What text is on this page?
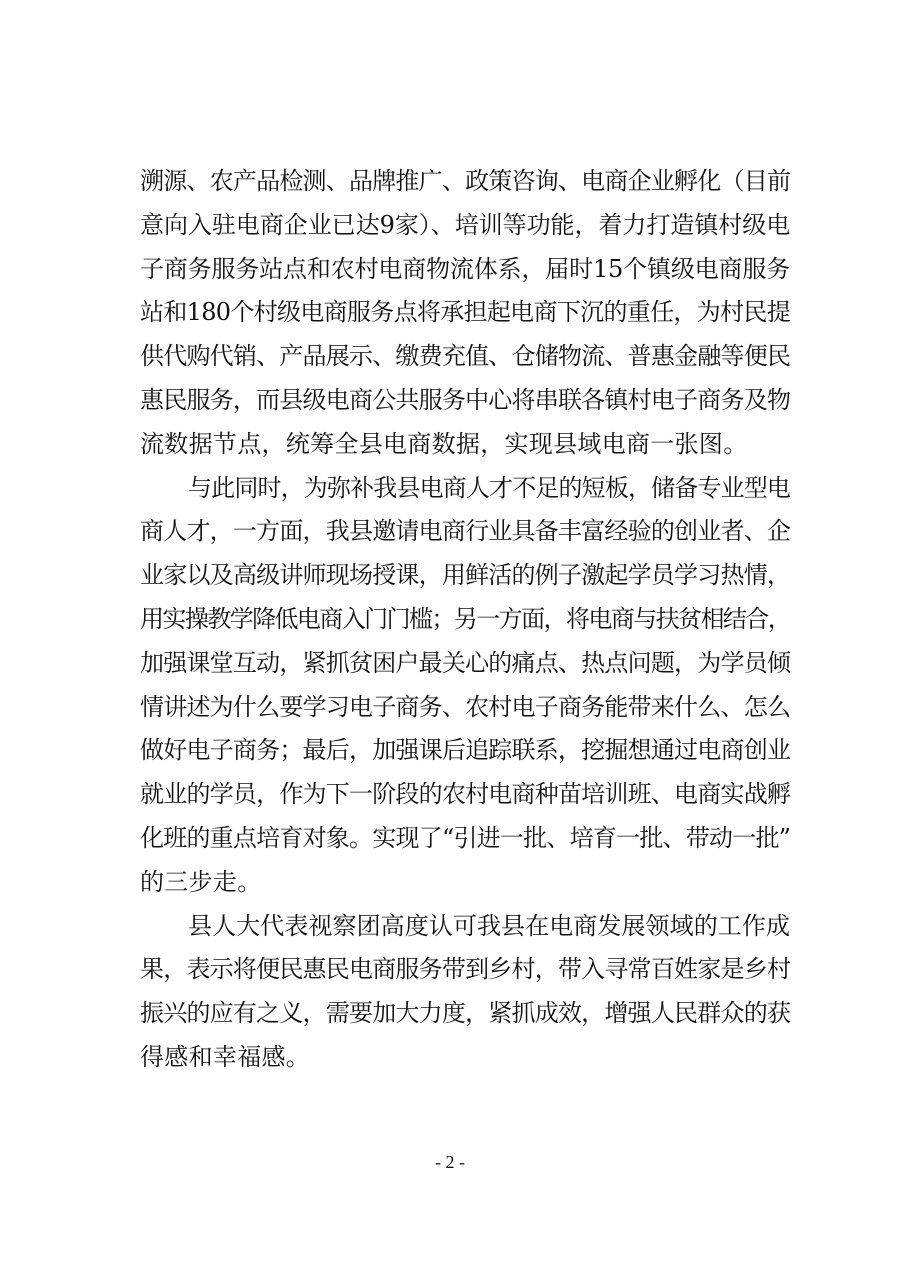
溯源、农产品检测、品牌推广、政策咨询、电商企业孵化（目前
意向入驻电商企业已达9家）、培训等功能，着力打造镇村级电
子商务服务站点和农村电商物流体系，届时15个镇级电商服务
站和180个村级电商服务点将承担起电商下沉的重任，为村民提
供代购代销、产品展示、缴费充值、仓储物流、普惠金融等便民
惠民服务，而县级电商公共服务中心将串联各镇村电子商务及物
流数据节点，统筹全县电商数据，实现县域电商一张图。
与此同时，为弥补我县电商人才不足的短板，储备专业型电
商人才，一方面，我县邀请电商行业具备丰富经验的创业者、企
业家以及高级讲师现场授课，用鲜活的例子激起学员学习热情，
用实操教学降低电商入门门槛；另一方面，将电商与扶贫相结合，
加强课堂互动，紧抓贫困户最关心的痛点、热点问题，为学员倾
情讲述为什么要学习电子商务、农村电子商务能带来什么、怎么
做好电子商务；最后，加强课后追踪联系，挖掘想通过电商创业
就业的学员，作为下一阶段的农村电商种苗培训班、电商实战孵
化班的重点培育对象。实现了“引进一批、培育一批、带动一批”
的三步走。
县人大代表视察团高度认可我县在电商发展领域的工作成
果，表示将便民惠民电商服务带到乡村，带入寻常百姓家是乡村
振兴的应有之义，需要加大力度，紧抓成效，增强人民群众的获
得感和幸福感。
- 2 -
